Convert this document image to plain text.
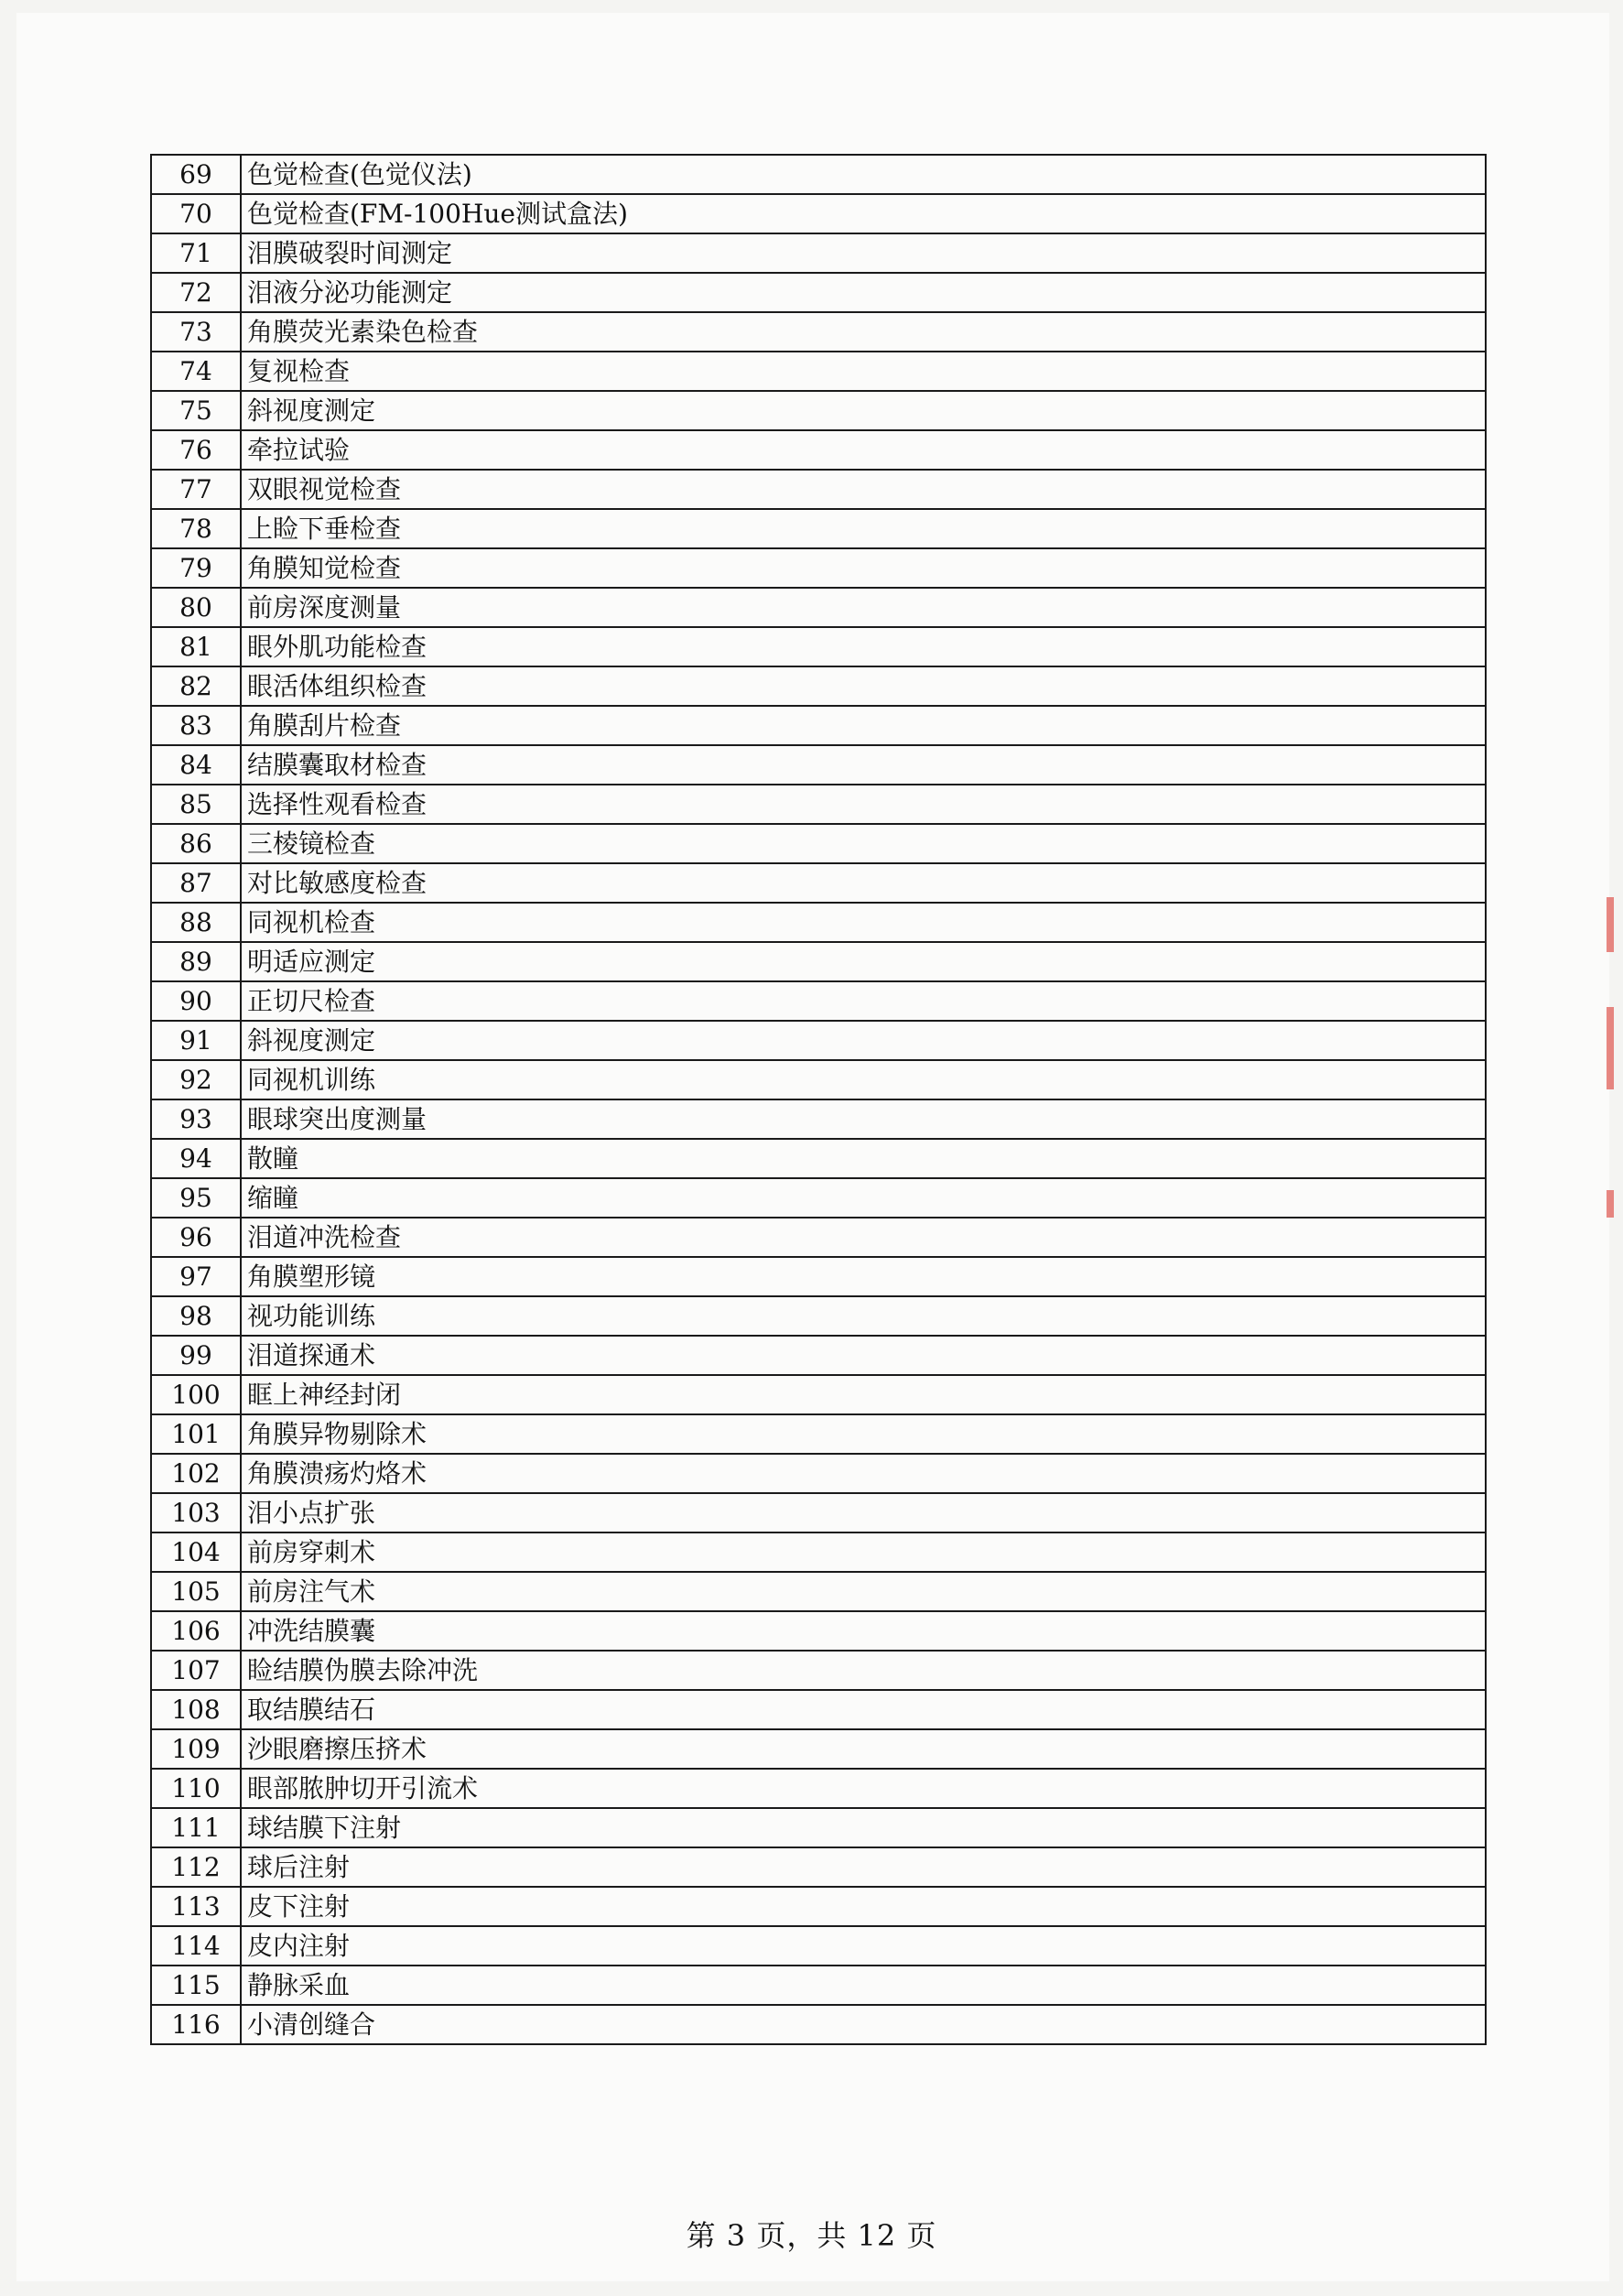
69	色觉检查(色觉仪法)
70	色觉检查(FM-100Hue测试盒法)
71	泪膜破裂时间测定
72	泪液分泌功能测定
73	角膜荧光素染色检查
74	复视检查
75	斜视度测定
76	牵拉试验
77	双眼视觉检查
78	上睑下垂检查
79	角膜知觉检查
80	前房深度测量
81	眼外肌功能检查
82	眼活体组织检查
83	角膜刮片检查
84	结膜囊取材检查
85	选择性观看检查
86	三棱镜检查
87	对比敏感度检查
88	同视机检查
89	明适应测定
90	正切尺检查
91	斜视度测定
92	同视机训练
93	眼球突出度测量
94	散瞳
95	缩瞳
96	泪道冲洗检查
97	角膜塑形镜
98	视功能训练
99	泪道探通术
100	眶上神经封闭
101	角膜异物剔除术
102	角膜溃疡灼烙术
103	泪小点扩张
104	前房穿刺术
105	前房注气术
106	冲洗结膜囊
107	睑结膜伪膜去除冲洗
108	取结膜结石
109	沙眼磨擦压挤术
110	眼部脓肿切开引流术
111	球结膜下注射
112	球后注射
113	皮下注射
114	皮内注射
115	静脉采血
116	小清创缝合
第 3 页，共 12 页
